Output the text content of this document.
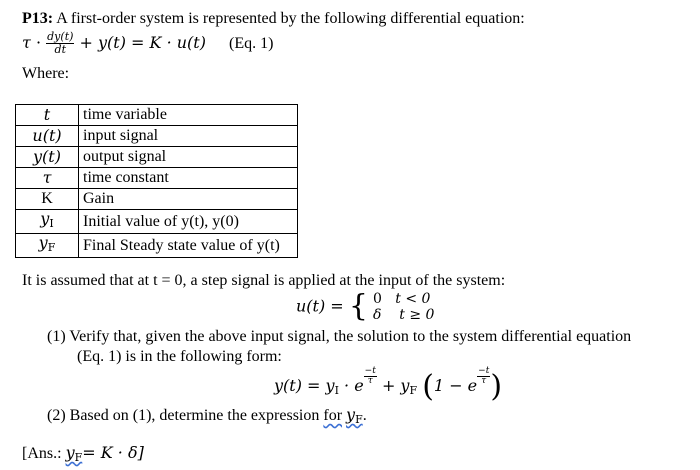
P13: A first-order system is represented by the following differential equation:
$\tau \cdot \frac{dy(t)}{dt} + y(t) = K \cdot u(t)$ (Eq. 1)
Where:
t	time variable
u(t)	input signal
y(t)	output signal
τ	time constant
K	Gain
$y_I$	Initial value of y(t), y(0)
$y_F$	Final Steady state value of y(t)
It is assumed that at t = 0, a step signal is applied at the input of the system:
u(t) = { 0 t < 0
δ t ≥ 0
(1) Verify that, given the above input signal, the solution to the system differential equation
(Eq. 1) is in the following form:
$y(t) = y_I \cdot e \frac{-t}{\tau} + y_F$ (1 − e $\frac{-t}{\tau}$ )
(2) Based on (1), determine the expression for $y_F$.
[Ans.: $y_F= K \cdot \delta$]
